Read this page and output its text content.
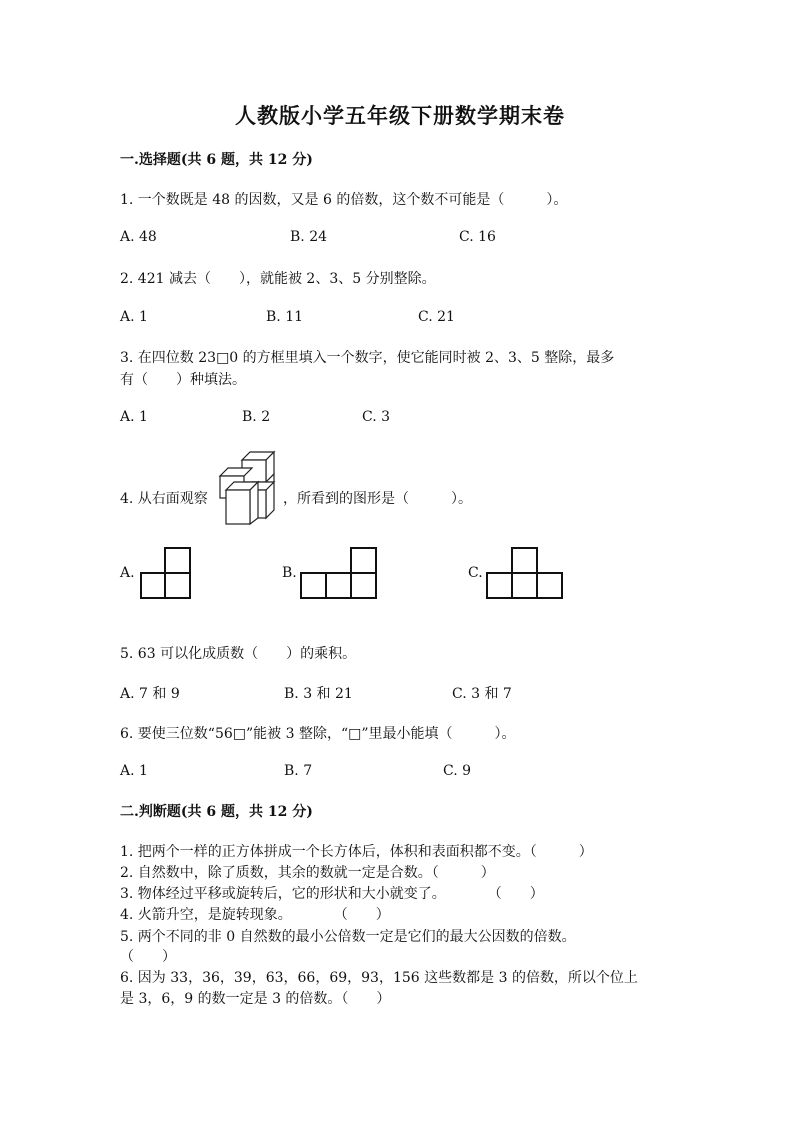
人教版小学五年级下册数学期末卷
一.选择题(共 6 题，共 12 分)
1. 一个数既是 48 的因数，又是 6 的倍数，这个数不可能是（　　　）。
A. 48	B. 24	C. 16
2. 421 减去（　　），就能被 2、3、5 分别整除。
A. 1	B. 11	C. 21
3. 在四位数 23□0 的方框里填入一个数字，使它能同时被 2、3、5 整除，最多
有（　　）种填法。
A. 1	B. 2	C. 3
4. 从右面观察	，所看到的图形是（　　　）。
A.	B.	C.
5. 63 可以化成质数（　　）的乘积。
A. 7 和 9	B. 3 和 21	C. 3 和 7
6. 要使三位数“56□”能被 3 整除，“□”里最小能填（　　　）。
A. 1	B. 7	C. 9
二.判断题(共 6 题，共 12 分)
1. 把两个一样的正方体拼成一个长方体后，体积和表面积都不变。（　　　）
2. 自然数中，除了质数，其余的数就一定是合数。（　　　）
3. 物体经过平移或旋转后，它的形状和大小就变了。　　　　（　　）
4. 火箭升空，是旋转现象。　　　　（　　）
5. 两个不同的非 0 自然数的最小公倍数一定是它们的最大公因数的倍数。
（　　）
6. 因为 33，36，39，63，66，69，93，156 这些数都是 3 的倍数，所以个位上
是 3，6，9 的数一定是 3 的倍数。（　　）
